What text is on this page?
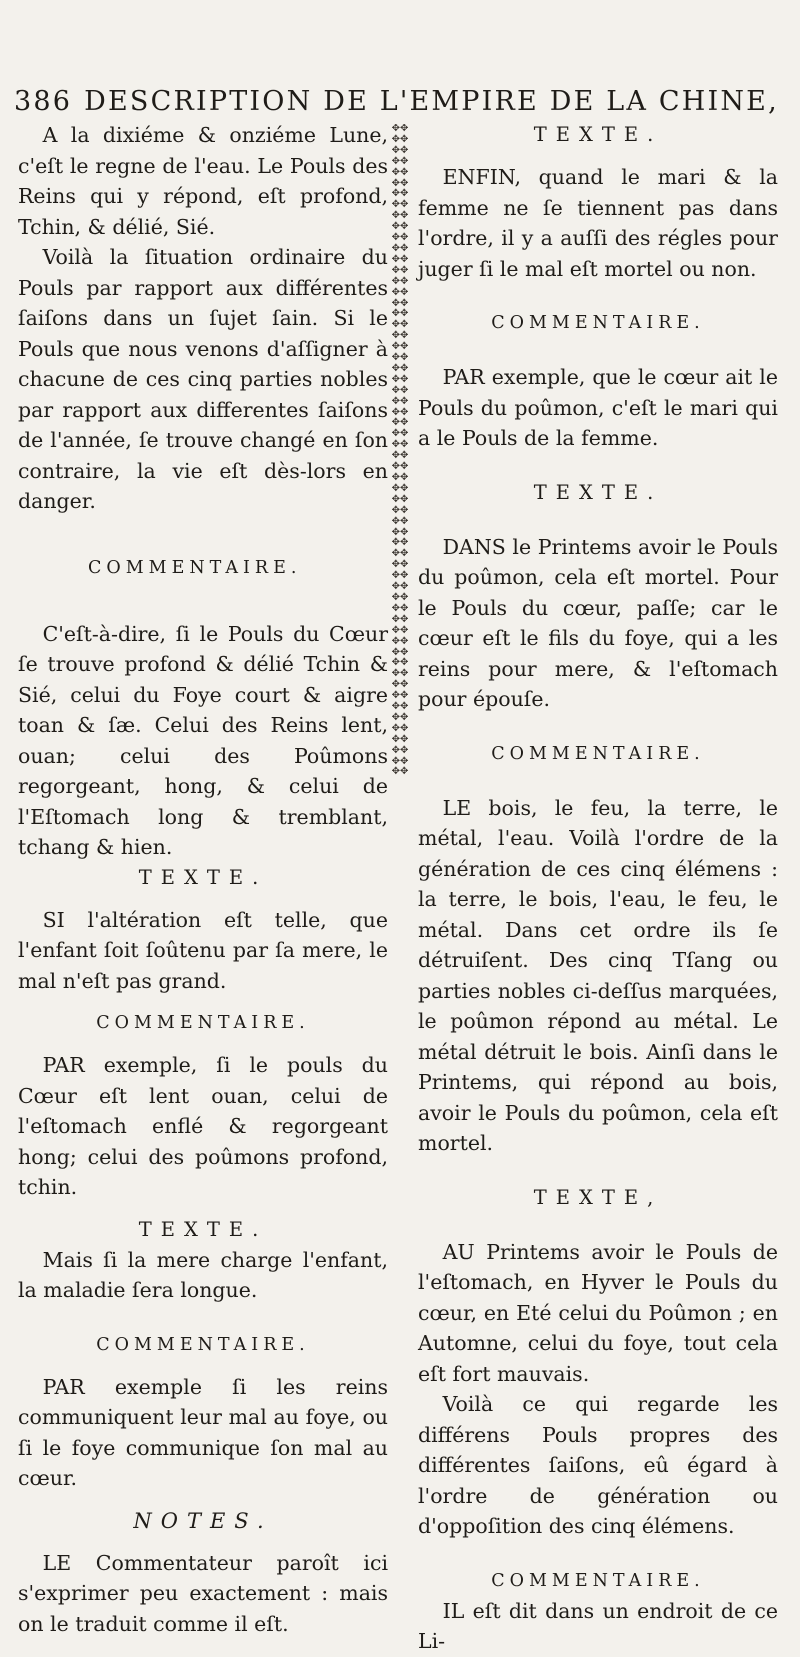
386 DESCRIPTION DE L'EMPIRE DE LA CHINE,

A la dixiéme & onziéme Lune, c'eſt le regne de l'eau. Le Pouls des Reins qui y répond, eſt profond, Tchin, & délié, Sié.

Voilà la ſituation ordinaire du Pouls par rapport aux différentes ſaiſons dans un ſujet ſain. Si le Pouls que nous venons d'aſſigner à chacune de ces cinq parties nobles par rapport aux differentes ſaiſons de l'année, ſe trouve changé en ſon contraire, la vie eſt dès-lors en danger.

COMMENTAIRE.

C'eſt-à-dire, ſi le Pouls du Cœur ſe trouve profond & délié Tchin & Sié, celui du Foye court & aigre toan & ſæ. Celui des Reins lent, ouan; celui des Poûmons regorgeant, hong, & celui de l'Eſtomach long & tremblant, tchang & hien.

TEXTE.

SI l'altération eſt telle, que l'enfant ſoit ſoûtenu par ſa mere, le mal n'eſt pas grand.

COMMENTAIRE.

PAR exemple, ſi le pouls du Cœur eſt lent ouan, celui de l'eſtomach enflé & regorgeant hong; celui des poûmons profond, tchin.

TEXTE.

Mais ſi la mere charge l'enfant, la maladie ſera longue.

COMMENTAIRE.

PAR exemple ſi les reins communiquent leur mal au foye, ou ſi le foye communique ſon mal au cœur.

NOTES.

LE Commentateur paroît ici s'exprimer peu exactement : mais on le traduit comme il eſt.

✥✥✥✥✥✥✥✥✥✥✥✥✥✥✥✥✥✥✥✥✥✥✥✥✥✥✥✥✥✥✥✥✥✥✥✥✥✥✥✥✥✥✥✥✥✥✥✥✥✥✥✥✥✥✥✥✥✥✥✥✥✥✥✥✥✥✥✥✥✥✥✥✥✥✥✥✥✥✥✥✥✥✥✥✥✥✥✥✥✥✥✥✥✥✥✥✥✥✥✥✥✥✥✥✥✥✥✥✥✥✥✥✥✥✥✥✥✥✥✥
TEXTE.

ENFIN, quand le mari & la femme ne ſe tiennent pas dans l'ordre, il y a auſſi des régles pour juger ſi le mal eſt mortel ou non.

COMMENTAIRE.

PAR exemple, que le cœur ait le Pouls du poûmon, c'eſt le mari qui a le Pouls de la femme.

TEXTE.

DANS le Printems avoir le Pouls du poûmon, cela eſt mortel. Pour le Pouls du cœur, paſſe; car le cœur eſt le fils du foye, qui a les reins pour mere, & l'eſtomach pour épouſe.

COMMENTAIRE.

LE bois, le feu, la terre, le métal, l'eau. Voilà l'ordre de la génération de ces cinq élémens : la terre, le bois, l'eau, le feu, le métal. Dans cet ordre ils ſe détruiſent. Des cinq Tſang ou parties nobles ci-deſſus marquées, le poûmon répond au métal. Le métal détruit le bois. Ainſi dans le Printems, qui répond au bois, avoir le Pouls du poûmon, cela eſt mortel.

TEXTE,

AU Printems avoir le Pouls de l'eſtomach, en Hyver le Pouls du cœur, en Eté celui du Poûmon ; en Automne, celui du foye, tout cela eſt fort mauvais.

Voilà ce qui regarde les différens Pouls propres des différentes ſaiſons, eû égard à l'ordre de génération ou d'oppoſition des cinq élémens.

COMMENTAIRE.

IL eſt dit dans un endroit de ce Li-
